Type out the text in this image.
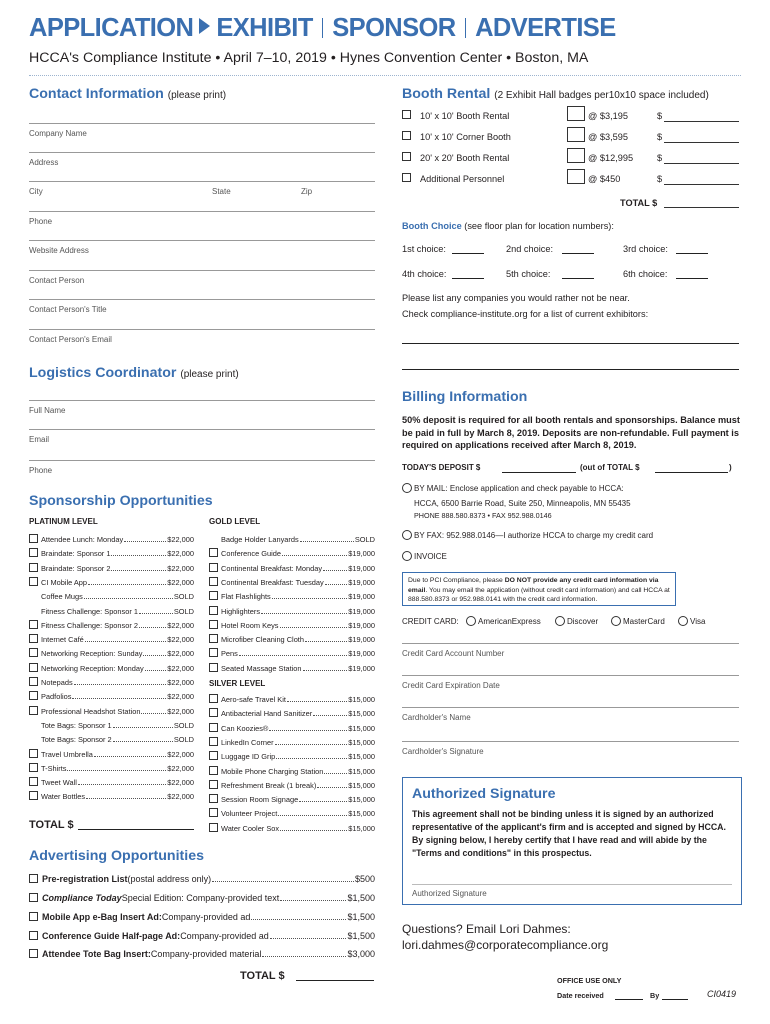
APPLICATION EXHIBIT SPONSOR ADVERTISE
HCCA's Compliance Institute • April 7–10, 2019 • Hynes Convention Center • Boston, MA
Contact Information (please print)
Company Name
Address
City	State	Zip
Phone
Website Address
Contact Person
Contact Person's Title
Contact Person's Email
Logistics Coordinator (please print)
Full Name
Email
Phone
Booth Rental (2 Exhibit Hall badges per10x10 space included)
10' x 10' Booth Rental	@ $3,195	$
10' x 10' Corner Booth	@ $3,595	$
20' x 20' Booth Rental	@ $12,995	$
Additional Personnel	@ $450	$
TOTAL $
Booth Choice (see floor plan for location numbers):
1st choice:	2nd choice:	3rd choice:
4th choice:	5th choice:	6th choice:
Please list any companies you would rather not be near.
Check compliance-institute.org for a list of current exhibitors:
Billing Information
50% deposit is required for all booth rentals and sponsorships. Balance must be paid in full by March 8, 2019. Deposits are non-refundable. Full payment is required on applications received after March 8, 2019.
TODAY'S DEPOSIT $	(out of TOTAL $	)
BY MAIL: Enclose application and check payable to HCCA:
HCCA, 6500 Barrie Road, Suite 250, Minneapolis, MN 55435
PHONE 888.580.8373 • FAX 952.988.0146
BY FAX: 952.988.0146—I authorize HCCA to charge my credit card
INVOICE
Due to PCI Compliance, please DO NOT provide any credit card information via email. You may email the application (without credit card information) and call HCCA at 888.580.8373 or 952.988.0141 with the credit card information.
CREDIT CARD: AmericanExpress	Discover	MasterCard	Visa
Credit Card Account Number
Credit Card Expiration Date
Cardholder's Name
Cardholder's Signature
Authorized Signature
This agreement shall not be binding unless it is signed by an authorized representative of the applicant's firm and is accepted and signed by HCCA. By signing below, I hereby certify that I have read and will abide by the "Terms and conditions" in this prospectus.
Authorized Signature
Questions? Email Lori Dahmes:
lori.dahmes@corporatecompliance.org
OFFICE USE ONLY
Date received	By	CI0419
Sponsorship Opportunities
PLATINUM LEVEL	GOLD LEVEL
SILVER LEVEL
Attendee Lunch: Monday	$22,000
Braindate: Sponsor 1	$22,000
Braindate: Sponsor 2	$22,000
CI Mobile App	$22,000
Coffee Mugs	SOLD
Fitness Challenge: Sponsor 1	SOLD
Fitness Challenge: Sponsor 2	$22,000
Internet Café	$22,000
Networking Reception: Sunday	$22,000
Networking Reception: Monday	$22,000
Notepads	$22,000
Padfolios	$22,000
Professional Headshot Station	$22,000
Tote Bags: Sponsor 1	SOLD
Tote Bags: Sponsor 2	SOLD
Travel Umbrella	$22,000
T-Shirts	$22,000
Tweet Wall	$22,000
Water Bottles	$22,000
Badge Holder Lanyards	SOLD
Conference Guide	$19,000
Continental Breakfast: Monday	$19,000
Continental Breakfast: Tuesday	$19,000
Flat Flashlights	$19,000
Highlighters	$19,000
Hotel Room Keys	$19,000
Microfiber Cleaning Cloth	$19,000
Pens	$19,000
Seated Massage Station	$19,000
Aero-safe Travel Kit	$15,000
Antibacterial Hand Sanitizer	$15,000
Can Koozies®	$15,000
LinkedIn Corner	$15,000
Luggage ID Grip	$15,000
Mobile Phone Charging Station	$15,000
Refreshment Break (1 break)	$15,000
Session Room Signage	$15,000
Volunteer Project	$15,000
Water Cooler Sox	$15,000
TOTAL $
Advertising Opportunities
Pre-registration List (postal address only)	$500
Compliance Today Special Edition: Company-provided text	$1,500
Mobile App e-Bag Insert Ad: Company-provided ad	$1,500
Conference Guide Half-page Ad: Company-provided ad	$1,500
Attendee Tote Bag Insert: Company-provided material	$3,000
TOTAL $
